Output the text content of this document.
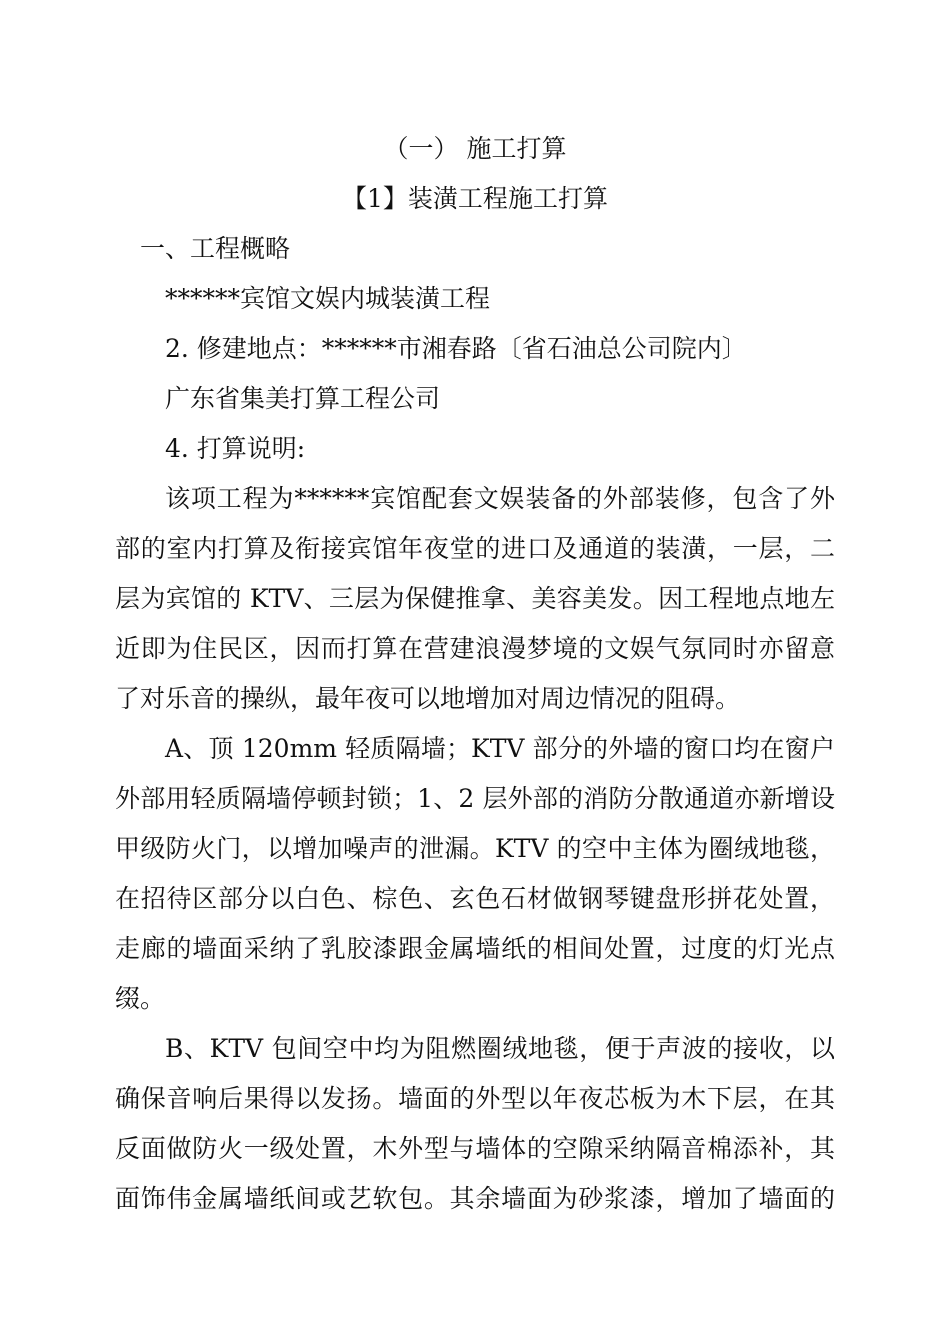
（一） 施工打算
【1】装潢工程施工打算
一、工程概略
******宾馆文娱内城装潢工程
2. 修建地点：******市湘春路〔省石油总公司院内〕
广东省集美打算工程公司
4. 打算说明:
该项工程为******宾馆配套文娱装备的外部装修，包含了外
部的室内打算及衔接宾馆年夜堂的进口及通道的装潢，一层，二
层为宾馆的 KTV、三层为保健推拿、美容美发。因工程地点地左
近即为住民区，因而打算在营建浪漫梦境的文娱气氛同时亦留意
了对乐音的操纵，最年夜可以地增加对周边情况的阻碍。
A、顶 120mm 轻质隔墙；KTV 部分的外墙的窗口均在窗户
外部用轻质隔墙停顿封锁；1、2 层外部的消防分散通道亦新增设
甲级防火门，以增加噪声的泄漏。KTV 的空中主体为圈绒地毯，
在招待区部分以白色、棕色、玄色石材做钢琴键盘形拼花处置，
走廊的墙面采纳了乳胶漆跟金属墙纸的相间处置，过度的灯光点
缀。
B、KTV 包间空中均为阻燃圈绒地毯，便于声波的接收，以
确保音响后果得以发扬。墙面的外型以年夜芯板为木下层，在其
反面做防火一级处置，木外型与墙体的空隙采纳隔音棉添补，其
面饰伟金属墙纸间或艺软包。其余墙面为砂浆漆，增加了墙面的
